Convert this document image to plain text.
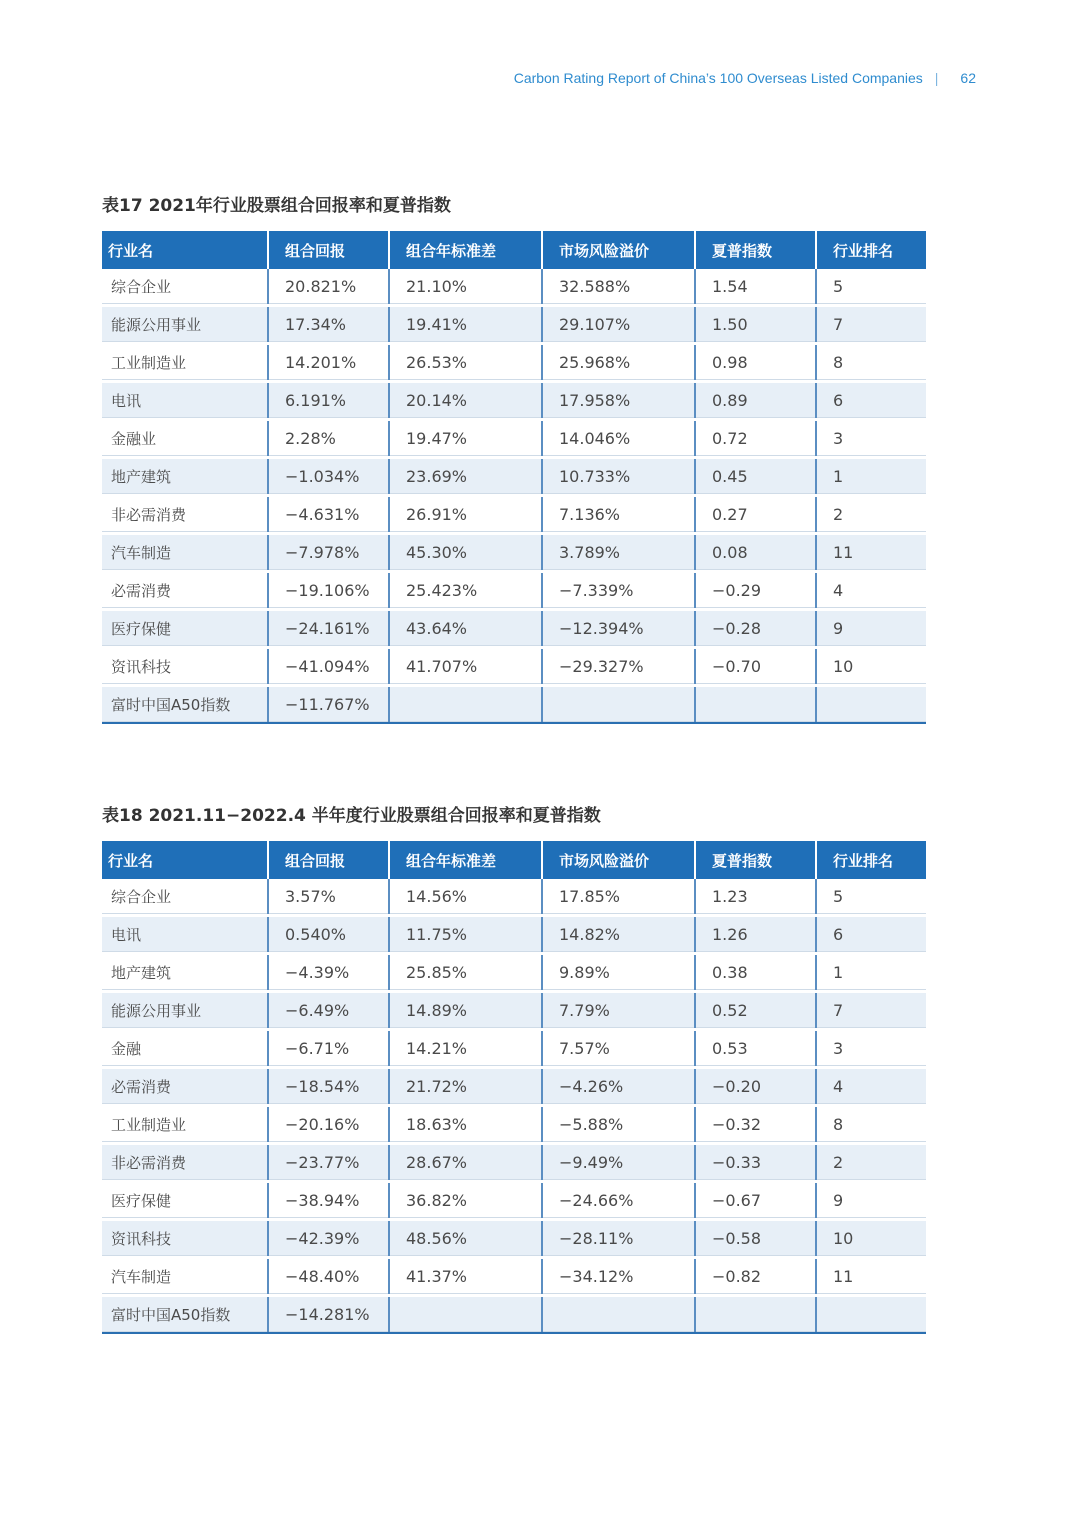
Carbon Rating Report of China’s 100 Overseas Listed Companies | 62
表17 2021年行业股票组合回报率和夏普指数
行业名	组合回报	组合年标准差	市场风险溢价	夏普指数	行业排名
综合企业	20.821%	21.10%	32.588%	1.54	5
能源公用事业	17.34%	19.41%	29.107%	1.50	7
工业制造业	14.201%	26.53%	25.968%	0.98	8
电讯	6.191%	20.14%	17.958%	0.89	6
金融业	2.28%	19.47%	14.046%	0.72	3
地产建筑	−1.034%	23.69%	10.733%	0.45	1
非必需消费	−4.631%	26.91%	7.136%	0.27	2
汽车制造	−7.978%	45.30%	3.789%	0.08	11
必需消费	−19.106%	25.423%	−7.339%	−0.29	4
医疗保健	−24.161%	43.64%	−12.394%	−0.28	9
资讯科技	−41.094%	41.707%	−29.327%	−0.70	10
富时中国A50指数	−11.767%				
表18 2021.11−2022.4 半年度行业股票组合回报率和夏普指数
行业名	组合回报	组合年标准差	市场风险溢价	夏普指数	行业排名
综合企业	3.57%	14.56%	17.85%	1.23	5
电讯	0.540%	11.75%	14.82%	1.26	6
地产建筑	−4.39%	25.85%	9.89%	0.38	1
能源公用事业	−6.49%	14.89%	7.79%	0.52	7
金融	−6.71%	14.21%	7.57%	0.53	3
必需消费	−18.54%	21.72%	−4.26%	−0.20	4
工业制造业	−20.16%	18.63%	−5.88%	−0.32	8
非必需消费	−23.77%	28.67%	−9.49%	−0.33	2
医疗保健	−38.94%	36.82%	−24.66%	−0.67	9
资讯科技	−42.39%	48.56%	−28.11%	−0.58	10
汽车制造	−48.40%	41.37%	−34.12%	−0.82	11
富时中国A50指数	−14.281%				
